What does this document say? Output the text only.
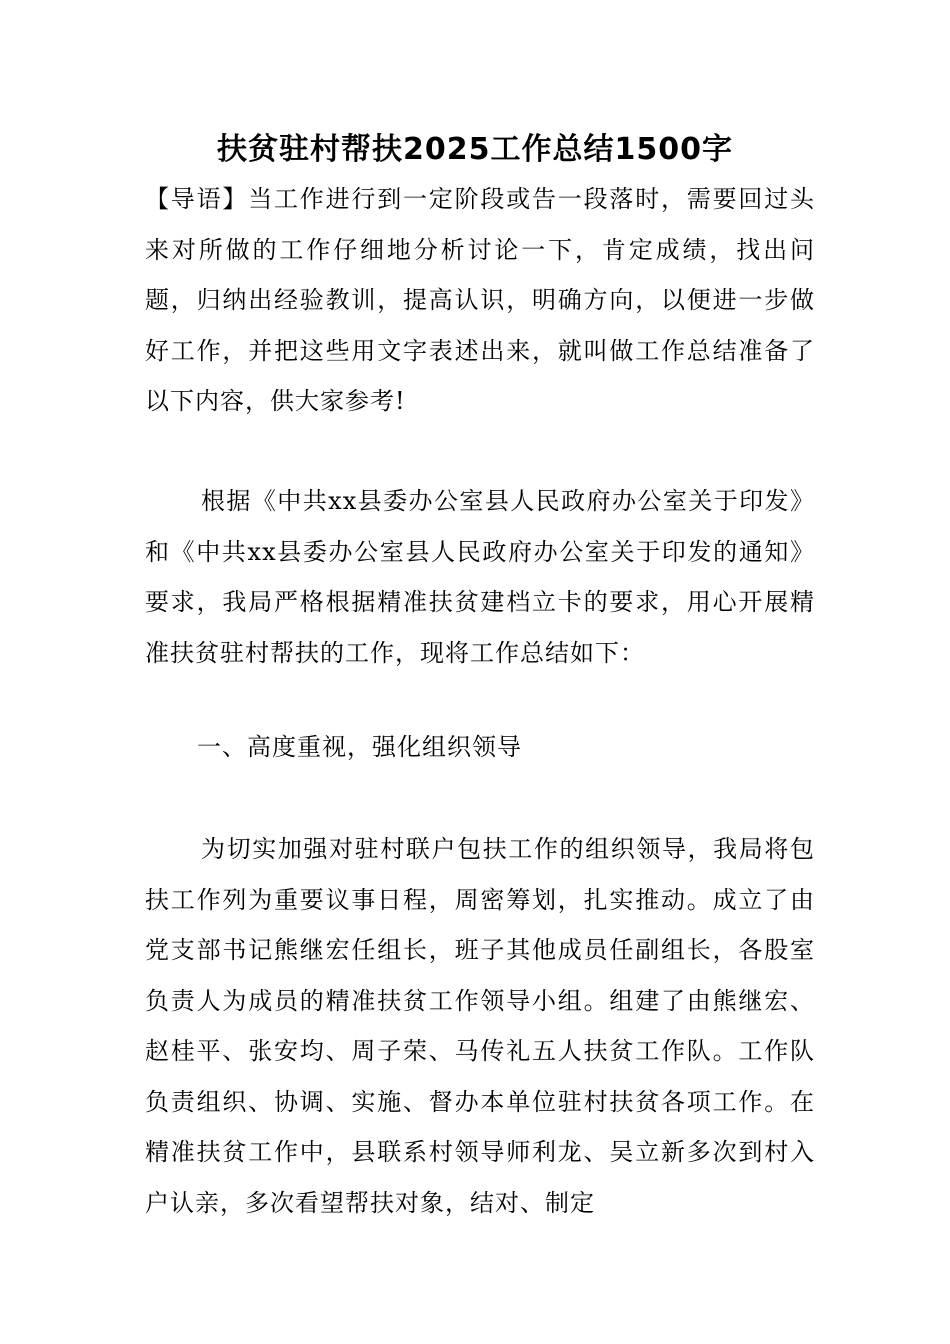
扶贫驻村帮扶2025工作总结1500字

【导语】当工作进行到一定阶段或告一段落时，需要回过头来对所做的工作仔细地分析讨论一下，肯定成绩，找出问题，归纳出经验教训，提高认识，明确方向，以便进一步做好工作，并把这些用文字表述出来，就叫做工作总结准备了以下内容，供大家参考!

根据《中共xx县委办公室县人民政府办公室关于印发》和《中共xx县委办公室县人民政府办公室关于印发的通知》要求，我局严格根据精准扶贫建档立卡的要求，用心开展精准扶贫驻村帮扶的工作，现将工作总结如下：

一、高度重视，强化组织领导

为切实加强对驻村联户包扶工作的组织领导，我局将包扶工作列为重要议事日程，周密筹划，扎实推动。成立了由党支部书记熊继宏任组长，班子其他成员任副组长，各股室负责人为成员的精准扶贫工作领导小组。组建了由熊继宏、赵桂平、张安均、周子荣、马传礼五人扶贫工作队。工作队负责组织、协调、实施、督办本单位驻村扶贫各项工作。在精准扶贫工作中，县联系村领导师利龙、吴立新多次到村入户认亲，多次看望帮扶对象，结对、制定
